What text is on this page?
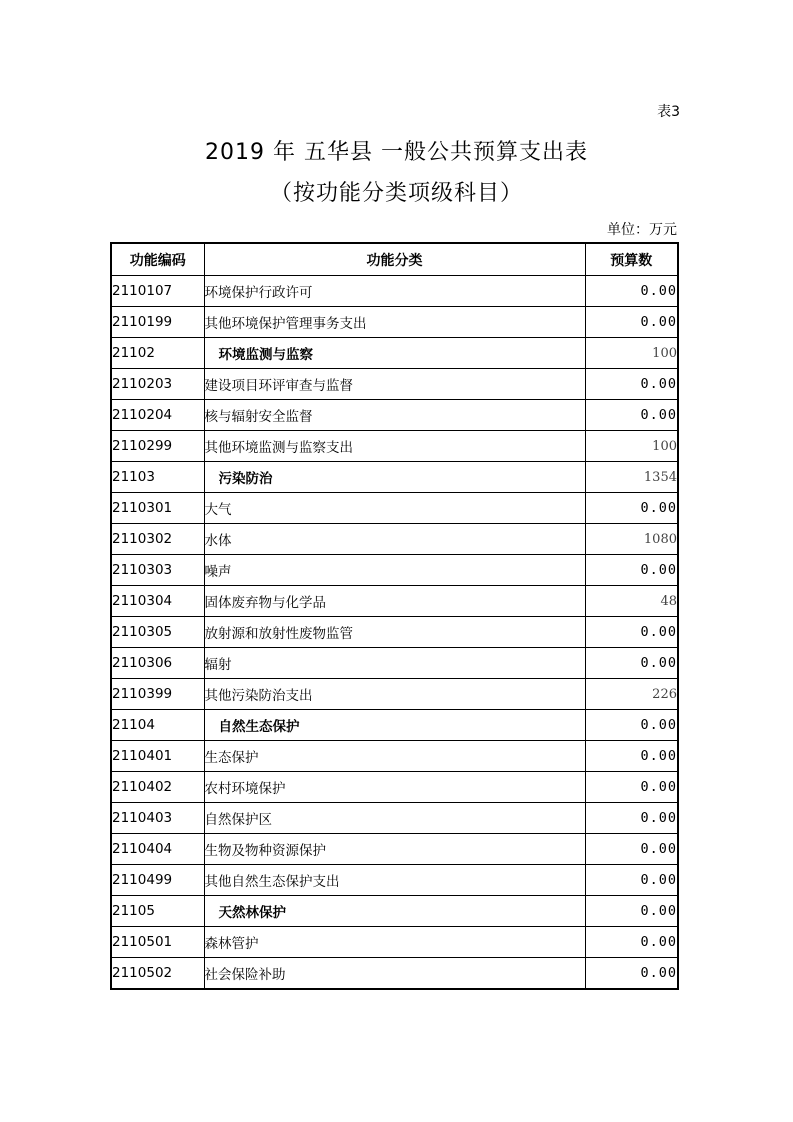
表3
2019 年 五华县 一般公共预算支出表
（按功能分类项级科目）
单位：万元
功能编码	功能分类	预算数
2110107	环境保护行政许可	0.00
2110199	其他环境保护管理事务支出	0.00
21102	环境监测与监察	100
2110203	建设项目环评审查与监督	0.00
2110204	核与辐射安全监督	0.00
2110299	其他环境监测与监察支出	100
21103	污染防治	1354
2110301	大气	0.00
2110302	水体	1080
2110303	噪声	0.00
2110304	固体废弃物与化学品	48
2110305	放射源和放射性废物监管	0.00
2110306	辐射	0.00
2110399	其他污染防治支出	226
21104	自然生态保护	0.00
2110401	生态保护	0.00
2110402	农村环境保护	0.00
2110403	自然保护区	0.00
2110404	生物及物种资源保护	0.00
2110499	其他自然生态保护支出	0.00
21105	天然林保护	0.00
2110501	森林管护	0.00
2110502	社会保险补助	0.00
